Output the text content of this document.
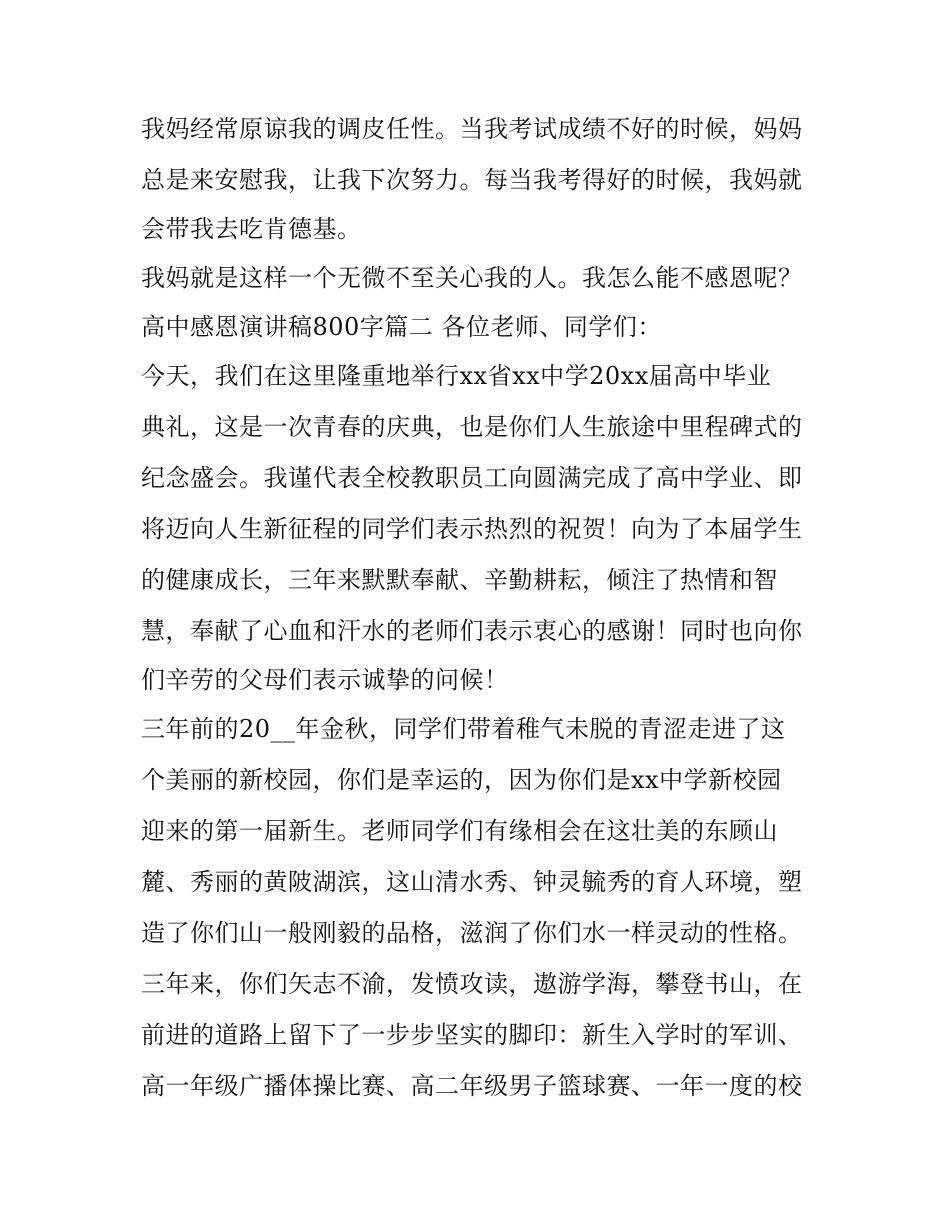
我妈经常原谅我的调皮任性。当我考试成绩不好的时候，妈妈
总是来安慰我，让我下次努力。每当我考得好的时候，我妈就
会带我去吃肯德基。
我妈就是这样一个无微不至关心我的人。我怎么能不感恩呢？
高中感恩演讲稿800字篇二 各位老师、同学们：
今天，我们在这里隆重地举行xx省xx中学20xx届高中毕业
典礼，这是一次青春的庆典，也是你们人生旅途中里程碑式的
纪念盛会。我谨代表全校教职员工向圆满完成了高中学业、即
将迈向人生新征程的同学们表示热烈的祝贺！向为了本届学生
的健康成长，三年来默默奉献、辛勤耕耘，倾注了热情和智
慧，奉献了心血和汗水的老师们表示衷心的感谢！同时也向你
们辛劳的父母们表示诚挚的问候！
三年前的20__年金秋，同学们带着稚气未脱的青涩走进了这
个美丽的新校园，你们是幸运的，因为你们是xx中学新校园
迎来的第一届新生。老师同学们有缘相会在这壮美的东顾山
麓、秀丽的黄陂湖滨，这山清水秀、钟灵毓秀的育人环境，塑
造了你们山一般刚毅的品格，滋润了你们水一样灵动的性格。
三年来，你们矢志不渝，发愤攻读，遨游学海，攀登书山，在
前进的道路上留下了一步步坚实的脚印：新生入学时的军训、
高一年级广播体操比赛、高二年级男子篮球赛、一年一度的校
